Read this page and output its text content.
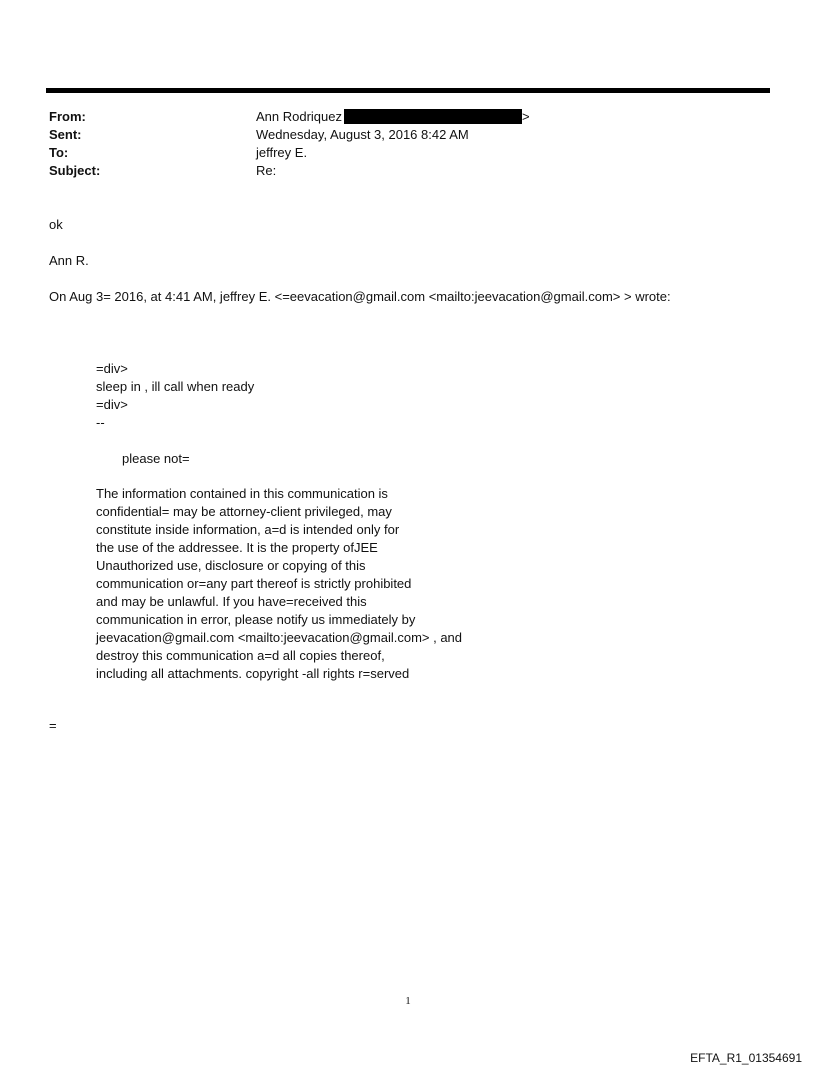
From:	Ann Rodriquez	>
Sent:	Wednesday, August 3, 2016 8:42 AM
To:	jeffrey E.
Subject:	Re:
ok
Ann R.
On Aug 3= 2016, at 4:41 AM, jeffrey E. <=eevacation@gmail.com <mailto:jeevacation@gmail.com> > wrote:
=div>
sleep in , ill call when ready
=div>
--
please not=
The information contained in this communication is
confidential= may be attorney-client privileged, may
constitute inside information, a=d is intended only for
the use of the addressee. It is the property ofJEE
Unauthorized use, disclosure or copying of this
communication or=any part thereof is strictly prohibited
and may be unlawful. If you have=received this
communication in error, please notify us immediately by
jeevacation@gmail.com <mailto:jeevacation@gmail.com> , and
destroy this communication a=d all copies thereof,
including all attachments. copyright -all rights r=served
=
1
EFTA_R1_01354691
